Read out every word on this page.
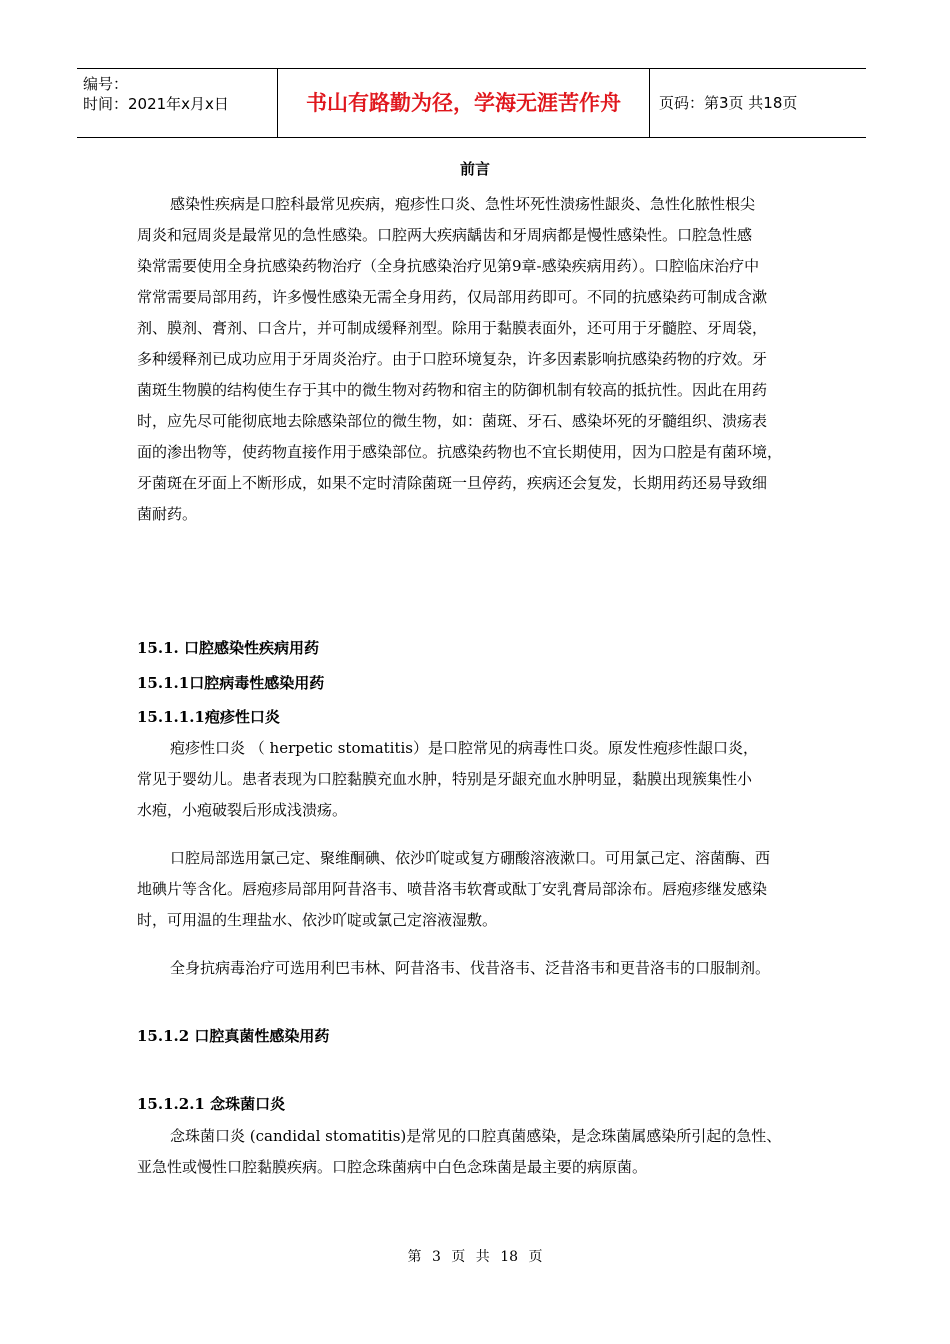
编号：
时间：2021年x月x日	书山有路勤为径，学海无涯苦作舟	页码：第3页 共18页
前言
感染性疾病是口腔科最常见疾病，疱疹性口炎、急性坏死性溃疡性龈炎、急性化脓性根尖
周炎和冠周炎是最常见的急性感染。口腔两大疾病龋齿和牙周病都是慢性感染性。口腔急性感
染常需要使用全身抗感染药物治疗（全身抗感染治疗见第9章-感染疾病用药）。口腔临床治疗中
常常需要局部用药，许多慢性感染无需全身用药，仅局部用药即可。不同的抗感染药可制成含漱
剂、膜剂、膏剂、口含片，并可制成缓释剂型。除用于黏膜表面外，还可用于牙髓腔、牙周袋，
多种缓释剂已成功应用于牙周炎治疗。由于口腔环境复杂，许多因素影响抗感染药物的疗效。牙
菌斑生物膜的结构使生存于其中的微生物对药物和宿主的防御机制有较高的抵抗性。因此在用药
时，应先尽可能彻底地去除感染部位的微生物，如：菌斑、牙石、感染坏死的牙髓组织、溃疡表
面的渗出物等，使药物直接作用于感染部位。抗感染药物也不宜长期使用，因为口腔是有菌环境，
牙菌斑在牙面上不断形成，如果不定时清除菌斑一旦停药，疾病还会复发，长期用药还易导致细
菌耐药。
15.1. 口腔感染性疾病用药
15.1.1口腔病毒性感染用药
15.1.1.1疱疹性口炎
疱疹性口炎 （ herpetic stomatitis）是口腔常见的病毒性口炎。原发性疱疹性龈口炎，
常见于婴幼儿。患者表现为口腔黏膜充血水肿，特别是牙龈充血水肿明显，黏膜出现簇集性小
水疱，小疱破裂后形成浅溃疡。
口腔局部选用氯己定、聚维酮碘、依沙吖啶或复方硼酸溶液漱口。可用氯己定、溶菌酶、西
地碘片等含化。唇疱疹局部用阿昔洛韦、喷昔洛韦软膏或酞丁安乳膏局部涂布。唇疱疹继发感染
时，可用温的生理盐水、依沙吖啶或氯己定溶液湿敷。
全身抗病毒治疗可选用利巴韦林、阿昔洛韦、伐昔洛韦、泛昔洛韦和更昔洛韦的口服制剂。
15.1.2 口腔真菌性感染用药
15.1.2.1 念珠菌口炎
念珠菌口炎 (candidal stomatitis)是常见的口腔真菌感染，是念珠菌属感染所引起的急性、
亚急性或慢性口腔黏膜疾病。口腔念珠菌病中白色念珠菌是最主要的病原菌。
第 3 页 共 18 页
